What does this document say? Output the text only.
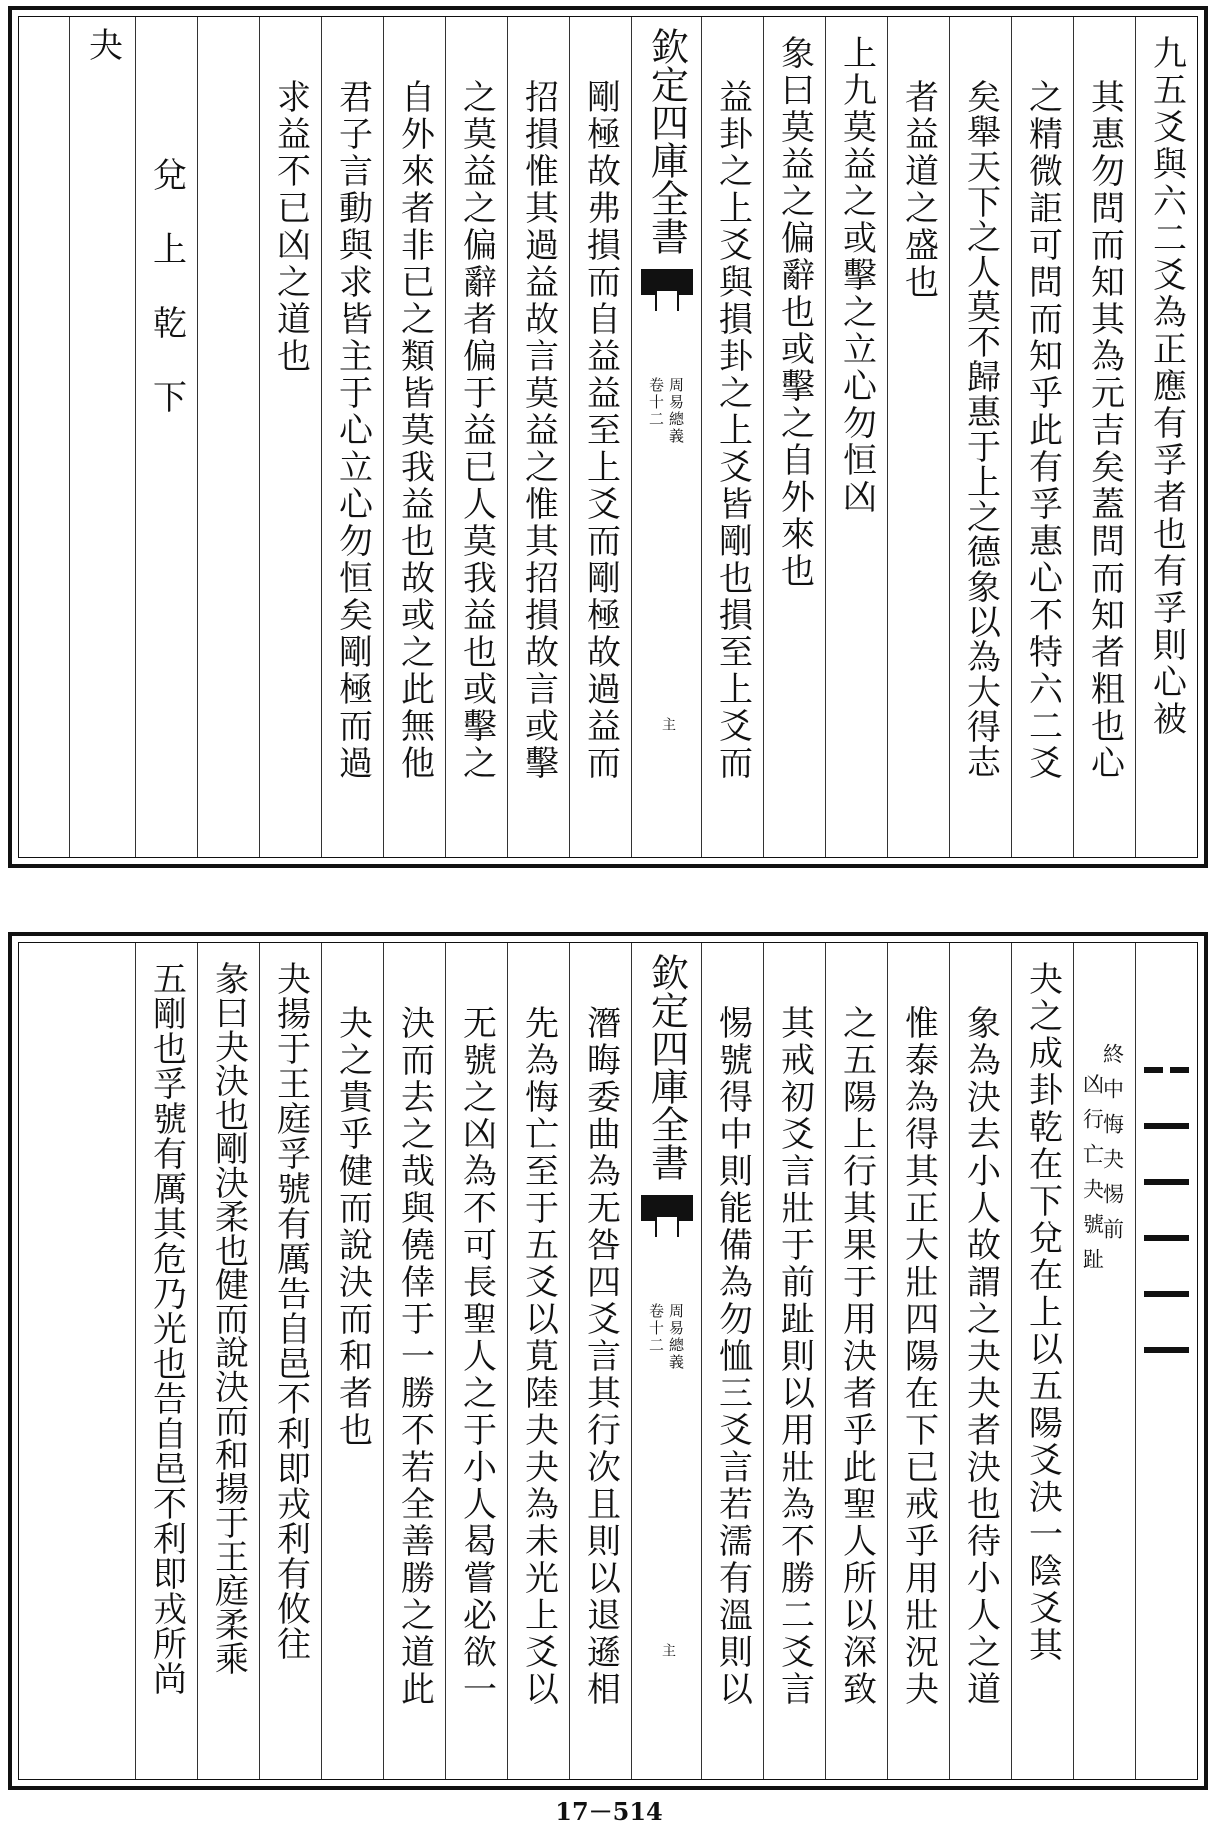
九五爻與六二爻為正應有孚者也有孚則心被
其惠勿問而知其為元吉矣蓋問而知者粗也心
之精微詎可問而知乎此有孚惠心不特六二爻
矣舉天下之人莫不歸惠于上之德象以為大得志
者益道之盛也
上九莫益之或擊之立心勿恒凶
象曰莫益之偏辭也或擊之自外來也
益卦之上爻與損卦之上爻皆剛也損至上爻而
欽定四庫全書
周易總義
卷十二
主
剛極故弗損而自益益至上爻而剛極故過益而
招損惟其過益故言莫益之惟其招損故言或擊
之莫益之偏辭者偏于益已人莫我益也或擊之
自外來者非已之類皆莫我益也故或之此無他
君子言動與求皆主于心立心勿恒矣剛極而過
求益不已凶之道也
兌上乾下
夬
終中悔夬惕前
凶行亡夬號趾
夬之成卦乾在下兌在上以五陽爻決一陰爻其
象為決去小人故謂之夬夬者決也待小人之道
惟泰為得其正大壯四陽在下已戒乎用壯況夬
之五陽上行其果于用決者乎此聖人所以深致
其戒初爻言壯于前趾則以用壯為不勝二爻言
惕號得中則能備為勿恤三爻言若濡有溫則以
欽定四庫全書
周易總義
卷十二
主
潛晦委曲為无咎四爻言其行次且則以退遜相
先為悔亡至于五爻以莧陸夬夬為未光上爻以
无號之凶為不可長聖人之于小人曷嘗必欲一
決而去之哉與僥倖于一勝不若全善勝之道此
夬之貴乎健而說決而和者也
夬揚于王庭孚號有厲告自邑不利即戎利有攸往
彖曰夬決也剛決柔也健而說決而和揚于王庭柔乘
五剛也孚號有厲其危乃光也告自邑不利即戎所尚
17－514
